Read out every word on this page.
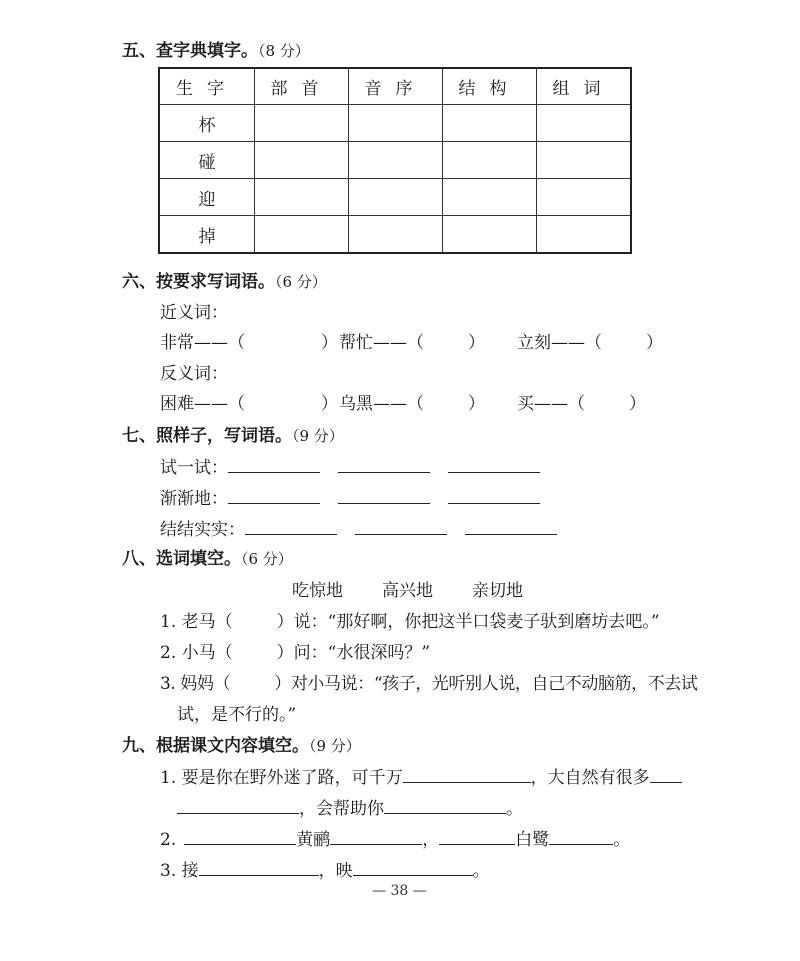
五、查字典填字。（8 分）
生字	部首	音序	结构	组词
杯				
碰				
迎				
掉				
六、按要求写词语。（6 分）
近义词：
非常——（	） 帮忙——（	） 立刻——（	）
反义词：
困难——（	） 乌黑——（	） 买——（	）
七、照样子，写词语。（9 分）
试一试：
渐渐地：
结结实实：
八、选词填空。（6 分）
吃惊地 高兴地 亲切地
1. 老马（	）说：“那好啊，你把这半口袋麦子驮到磨坊去吧。”
2. 小马（	）问：“水很深吗？”
3. 妈妈（	）对小马说：“孩子，光听别人说，自己不动脑筋，不去试
试，是不行的。”
九、根据课文内容填空。（9 分）
1. 要是你在野外迷了路，可千万	，大自然有很多
，会帮助你	。
2.	黄鹂	，	白鹭	。
3. 接	，映	。
— 38 —
